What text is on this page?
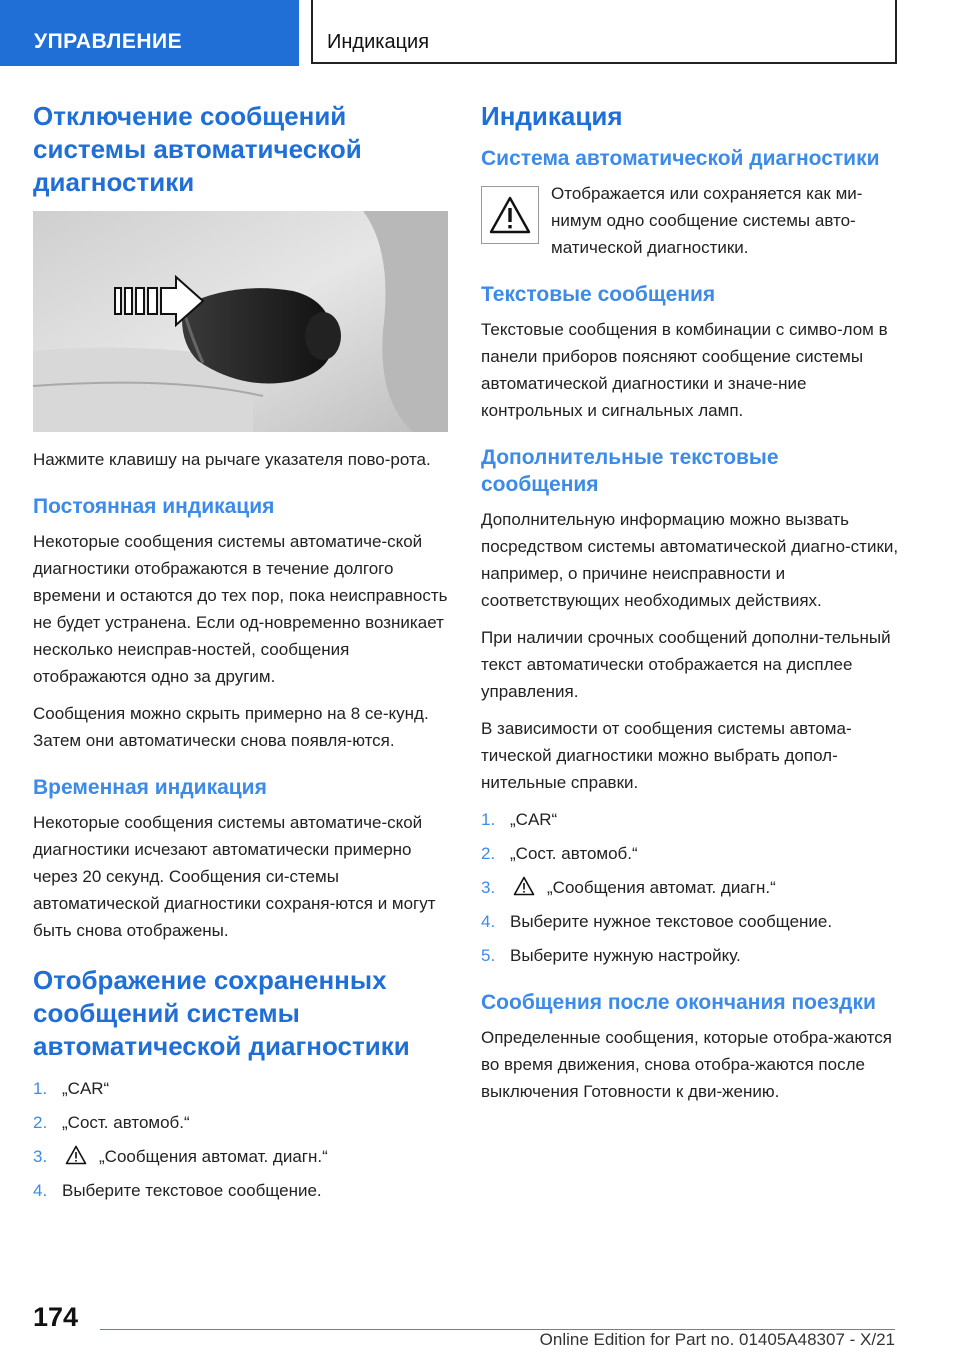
УПРАВЛЕНИЕ	Индикация
Отключение сообщений системы автоматической диагностики

Нажмите клавишу на рычаге указателя пово-рота.

Постоянная индикация

Некоторые сообщения системы автоматиче-ской диагностики отображаются в течение долгого времени и остаются до тех пор, пока неисправность не будет устранена. Если од-новременно возникает несколько неисправ-ностей, сообщения отображаются одно за другим.

Сообщения можно скрыть примерно на 8 се-кунд. Затем они автоматически снова появля-ются.

Временная индикация

Некоторые сообщения системы автоматиче-ской диагностики исчезают автоматически примерно через 20 секунд. Сообщения си-стемы автоматической диагностики сохраня-ются и могут быть снова отображены.

Отображение сохраненных сообщений системы автоматической диагностики
1. „CAR“
2. „Сост. автомоб.“
3.	„Сообщения автомат. диагн.“
4. Выберите текстовое сообщение.
Индикация
Система автоматической диагностики

Отображается или сохраняется как ми-нимум одно сообщение системы авто-матической диагностики.

Текстовые сообщения

Текстовые сообщения в комбинации с симво-лом в панели приборов поясняют сообщение системы автоматической диагностики и значе-ние контрольных и сигнальных ламп.

Дополнительные текстовые сообщения

Дополнительную информацию можно вызвать посредством системы автоматической диагно-стики, например, о причине неисправности и соответствующих необходимых действиях.

При наличии срочных сообщений дополни-тельный текст автоматически отображается на дисплее управления.

В зависимости от сообщения системы автома-тической диагностики можно выбрать допол-нительные справки.

1. „CAR“
2. „Сост. автомоб.“
3.	„Сообщения автомат. диагн.“
4. Выберите нужное текстовое сообщение.
5. Выберите нужную настройку.
Сообщения после окончания поездки

Определенные сообщения, которые отобра-жаются во время движения, снова отобра-жаются после выключения Готовности к дви-жению.

174
Online Edition for Part no. 01405A48307 - X/21
